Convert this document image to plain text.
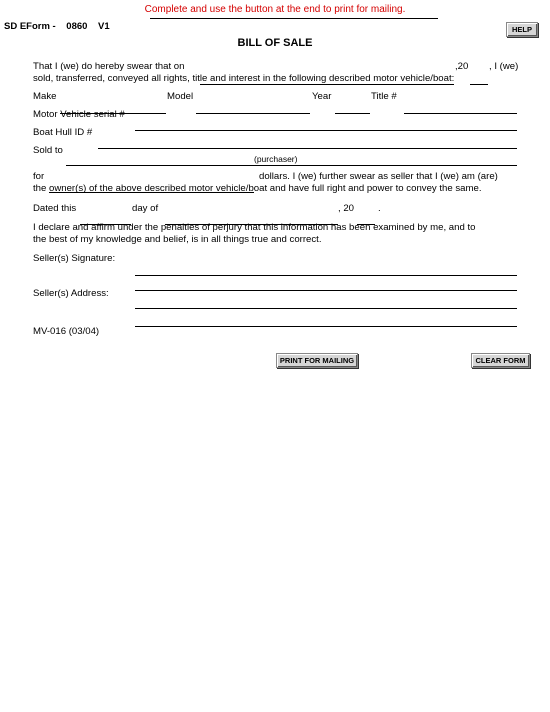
Complete and use the button at the end to print for mailing.
SD EForm - 0860 V1	HELP
BILL OF SALE
That I (we) do hereby swear that on	,20 , I (we)
sold, transferred, conveyed all rights, title and interest in the following described motor vehicle/boat:
Make	Model	Year	Title #
Motor Vehicle serial #
Boat Hull ID #
Sold to
(purchaser)
for	dollars. I (we) further swear as seller that I (we) am (are)
the owner(s) of the above described motor vehicle/boat and have full right and power to convey the same.
Dated this	day of	, 20 .
I declare and affirm under the penalties of perjury that this information has been examined by me, and to
the best of my knowledge and belief, is in all things true and correct.
Seller(s) Signature:
Seller(s) Address:
MV-016 (03/04)
PRINT FOR MAILING	CLEAR FORM
